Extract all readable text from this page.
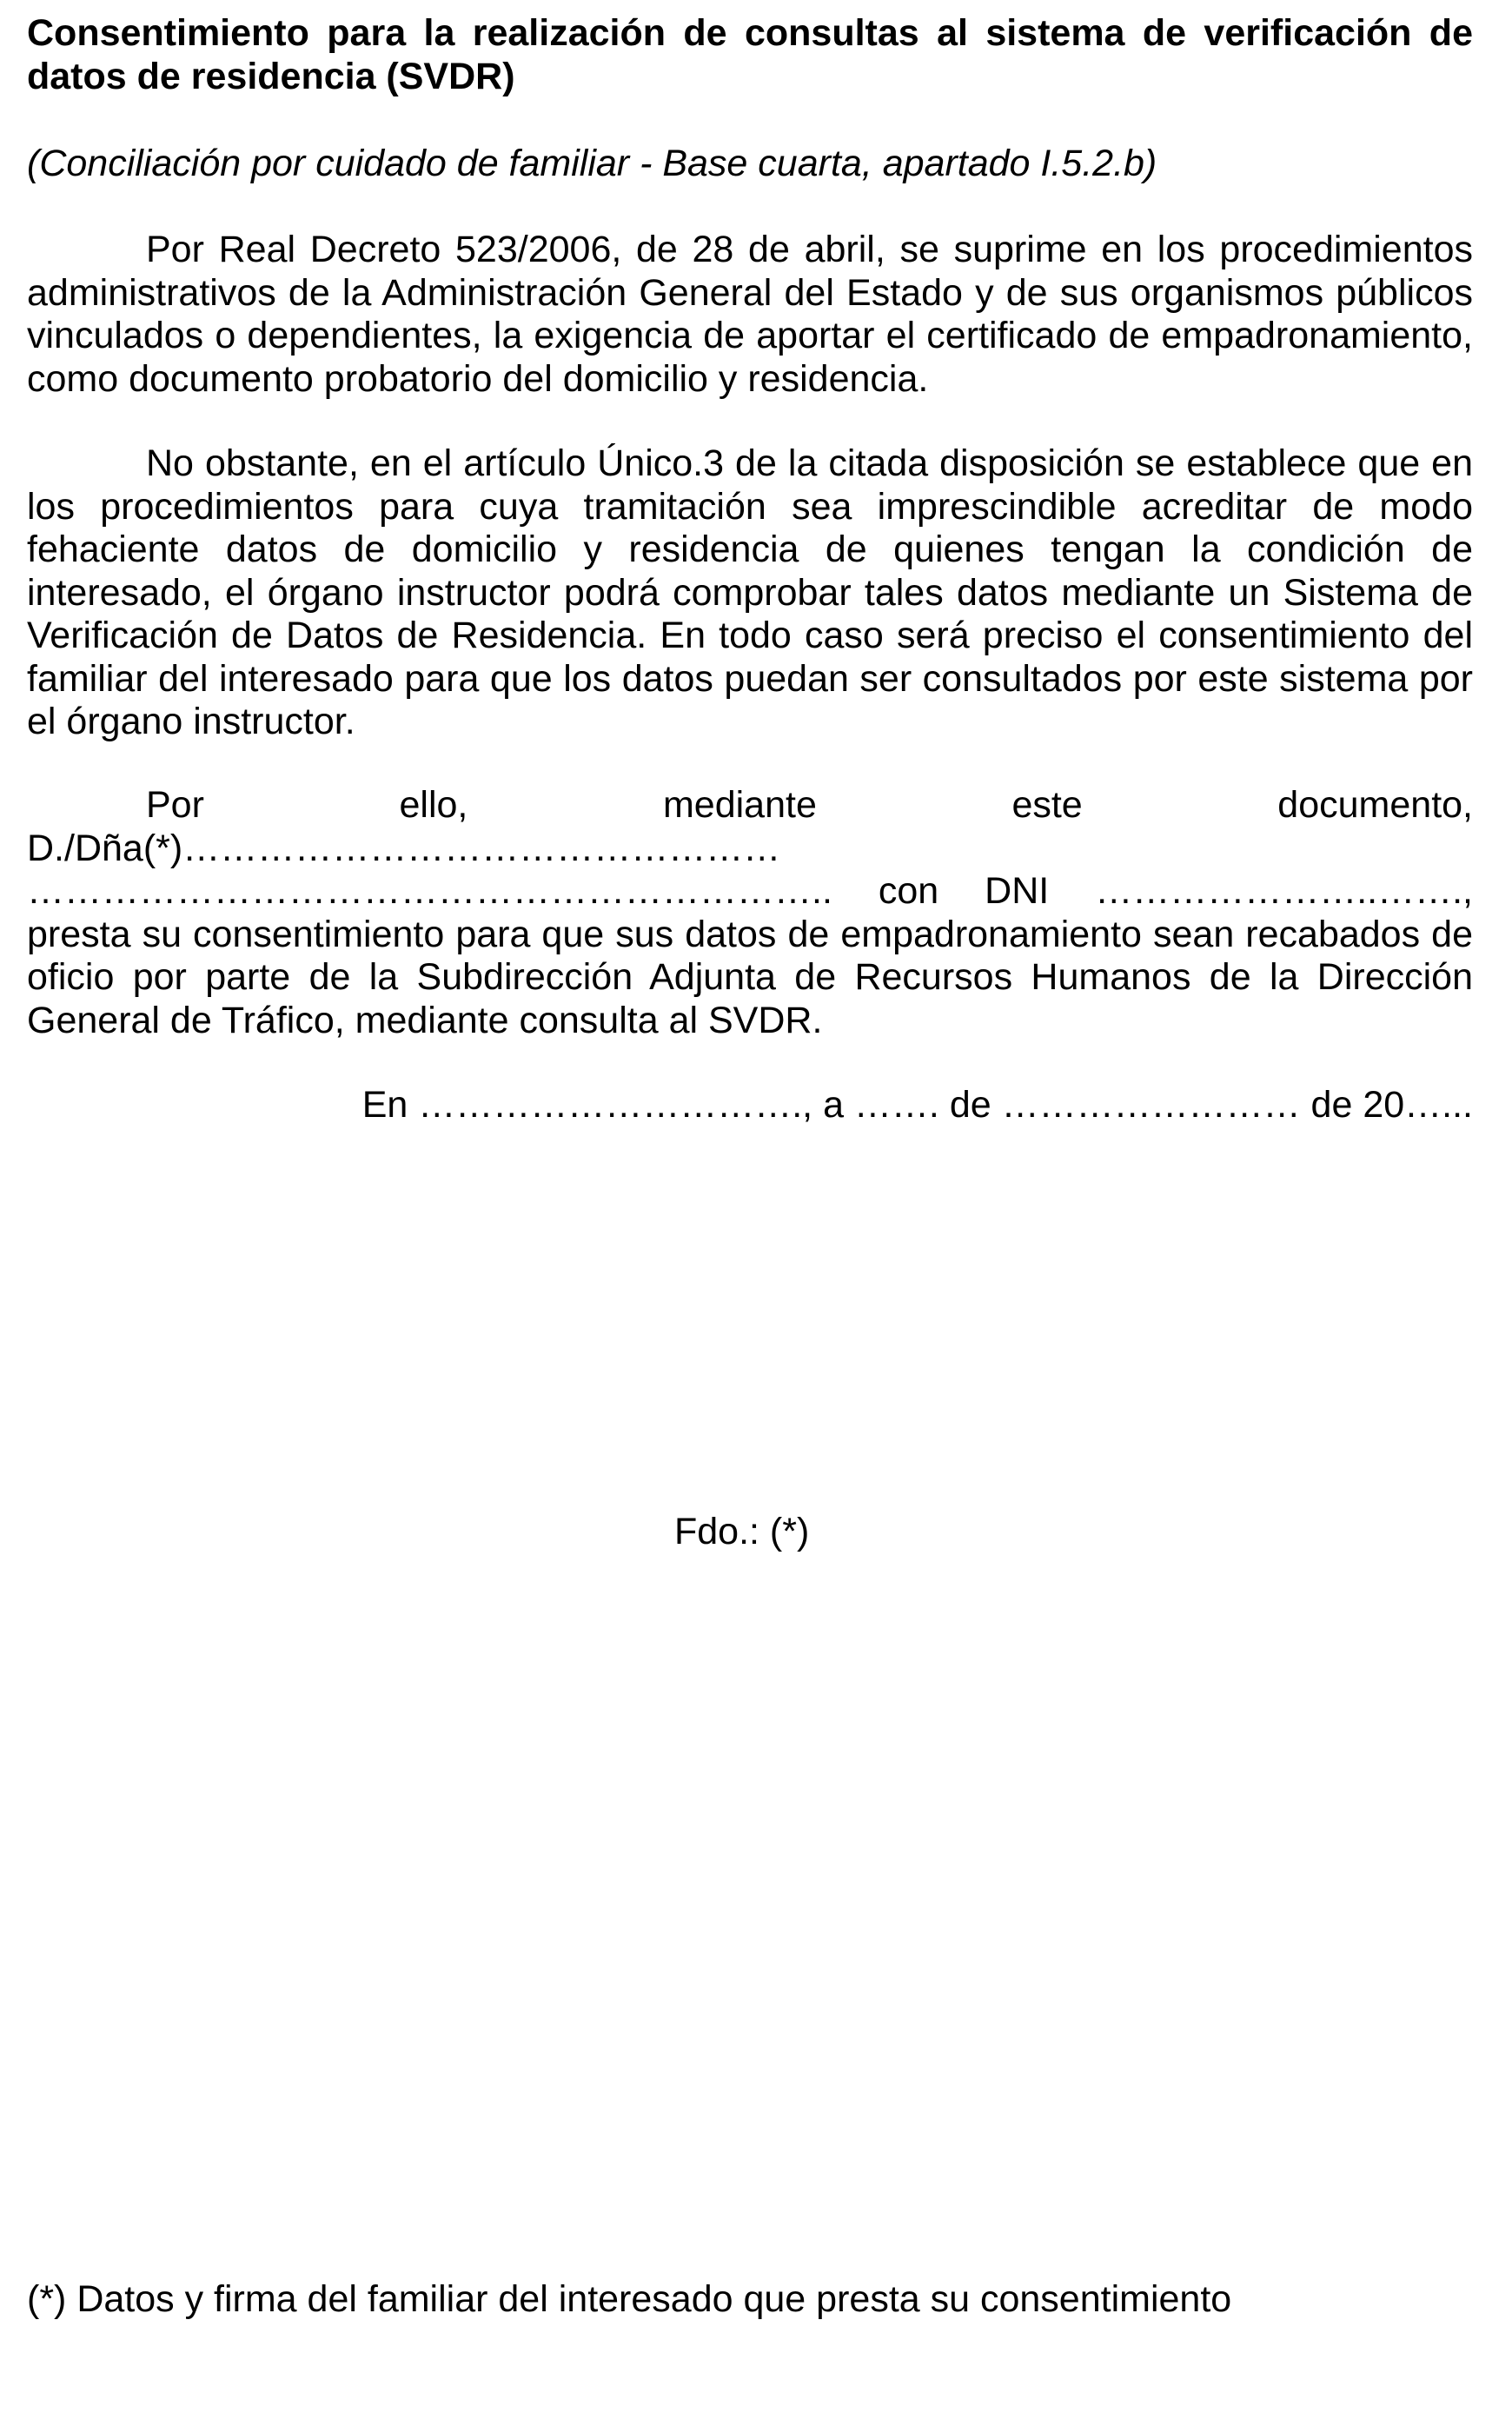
Consentimiento para la realización de consultas al sistema de verificación de datos de residencia (SVDR)

(Conciliación por cuidado de familiar - Base cuarta, apartado I.5.2.b)

Por Real Decreto 523/2006, de 28 de abril, se suprime en los procedimientos administrativos de la Administración General del Estado y de sus organismos públicos vinculados o dependientes, la exigencia de aportar el certificado de empadronamiento, como documento probatorio del domicilio y residencia.

No obstante, en el artículo Único.3 de la citada disposición se establece que en los procedimientos para cuya tramitación sea imprescindible acreditar de modo fehaciente datos de domicilio y residencia de quienes tengan la condición de interesado, el órgano instructor podrá comprobar tales datos mediante un Sistema de Verificación de Datos de Residencia. En todo caso será preciso el consentimiento del familiar del interesado para que los datos puedan ser consultados por este sistema por el órgano instructor.

Por ello, mediante este documento, D./Dña(*)………………………………………… ……………………………………………………….. con DNI …………………..……., presta su consentimiento para que sus datos de empadronamiento sean recabados de oficio por parte de la Subdirección Adjunta de Recursos Humanos de la Dirección General de Tráfico, mediante consulta al SVDR.

En …………………………., a ……. de …………………… de 20…...

Fdo.: (*)

(*) Datos y firma del familiar del interesado que presta su consentimiento
